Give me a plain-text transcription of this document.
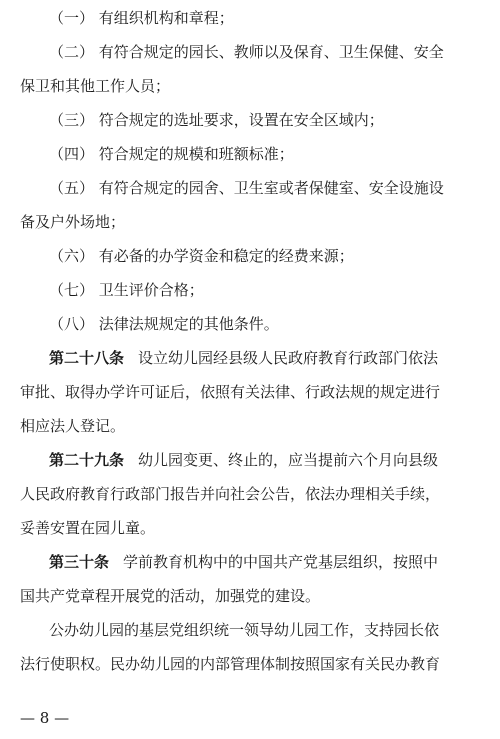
（一） 有组织机构和章程；
（二） 有符合规定的园长、教师以及保育、卫生保健、安全
保卫和其他工作人员；
（三） 符合规定的选址要求，设置在安全区域内；
（四） 符合规定的规模和班额标准；
（五） 有符合规定的园舍、卫生室或者保健室、安全设施设
备及户外场地；
（六） 有必备的办学资金和稳定的经费来源；
（七） 卫生评价合格；
（八） 法律法规规定的其他条件。
第二十八条 设立幼儿园经县级人民政府教育行政部门依法
审批、取得办学许可证后，依照有关法律、行政法规的规定进行
相应法人登记。
第二十九条 幼儿园变更、终止的，应当提前六个月向县级
人民政府教育行政部门报告并向社会公告，依法办理相关手续，
妥善安置在园儿童。
第三十条 学前教育机构中的中国共产党基层组织，按照中
国共产党章程开展党的活动，加强党的建设。
公办幼儿园的基层党组织统一领导幼儿园工作，支持园长依
法行使职权。民办幼儿园的内部管理体制按照国家有关民办教育
— 8 —
